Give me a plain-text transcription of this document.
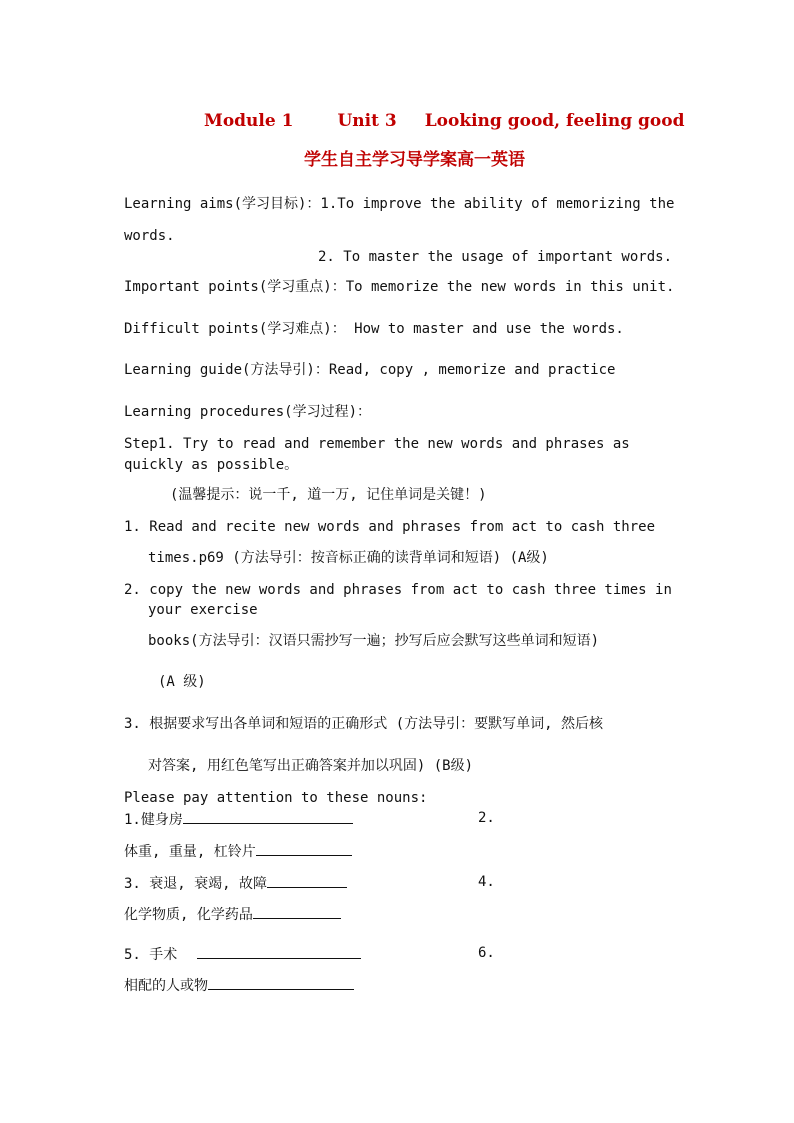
Module 1	Unit 3 Looking good, feeling good
学生自主学习导学案高一英语
Learning aims(学习目标)：1.To improve the ability of memorizing the
words.
2. To master the usage of important words.
Important points(学习重点)：To memorize the new words in this unit.
Difficult points(学习难点)： How to master and use the words.
Learning guide(方法导引)：Read, copy , memorize and practice
Learning procedures(学习过程)：
Step1. Try to read and remember the new words and phrases as
quickly as possible。
(温馨提示：说一千, 道一万, 记住单词是关键！)
1. Read and recite new words and phrases from act to cash three
times.p69 (方法导引：按音标正确的读背单词和短语) (A级)
2. copy the new words and phrases from act to cash three times in
your exercise
books(方法导引：汉语只需抄写一遍；抄写后应会默写这些单词和短语)
(A 级)
3. 根据要求写出各单词和短语的正确形式 (方法导引：要默写单词, 然后核
对答案, 用红色笔写出正确答案并加以巩固) (B级)
Please pay attention to these nouns:
1.健身房	2.
体重, 重量, 杠铃片
3. 衰退, 衰竭, 故障	4.
化学物质, 化学药品
5. 手术	6.
相配的人或物
